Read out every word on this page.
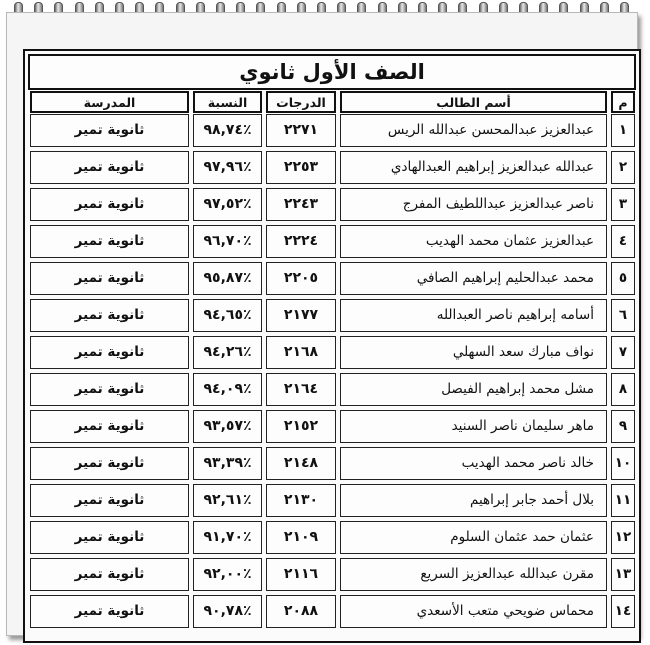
الصف الأول ثانوي
م	أسم الطالب	الدرجات	النسبة	المدرسة

١	عبدالعزيز عبدالمحسن عبدالله الريس	٢٢٧١	٪٩٨,٧٤	ثانوية تمير

٢	عبدالله عبدالعزيز إبراهيم العبدالهادي	٢٢٥٣	٪٩٧,٩٦	ثانوية تمير

٣	ناصر عبدالعزيز عبداللطيف المفرج	٢٢٤٣	٪٩٧,٥٢	ثانوية تمير

٤	عبدالعزيز عثمان محمد الهديب	٢٢٢٤	٪٩٦,٧٠	ثانوية تمير

٥	محمد عبدالحليم إبراهيم الصافي	٢٢٠٥	٪٩٥,٨٧	ثانوية تمير

٦	أسامه إبراهيم ناصر العبدالله	٢١٧٧	٪٩٤,٦٥	ثانوية تمير

٧	نواف مبارك سعد السهلي	٢١٦٨	٪٩٤,٢٦	ثانوية تمير

٨	مشل محمد إبراهيم الفيصل	٢١٦٤	٪٩٤,٠٩	ثانوية تمير

٩	ماهر سليمان ناصر السنيد	٢١٥٢	٪٩٣,٥٧	ثانوية تمير

١٠	خالد ناصر محمد الهديب	٢١٤٨	٪٩٣,٣٩	ثانوية تمير

١١	بلال أحمد جابر إبراهيم	٢١٣٠	٪٩٢,٦١	ثانوية تمير

١٢	عثمان حمد عثمان السلوم	٢١٠٩	٪٩١,٧٠	ثانوية تمير

١٣	مقرن عبدالله عبدالعزيز السريع	٢١١٦	٪٩٢,٠٠	ثانوية تمير

١٤	محماس ضويحي متعب الأسعدي	٢٠٨٨	٪٩٠,٧٨	ثانوية تمير
